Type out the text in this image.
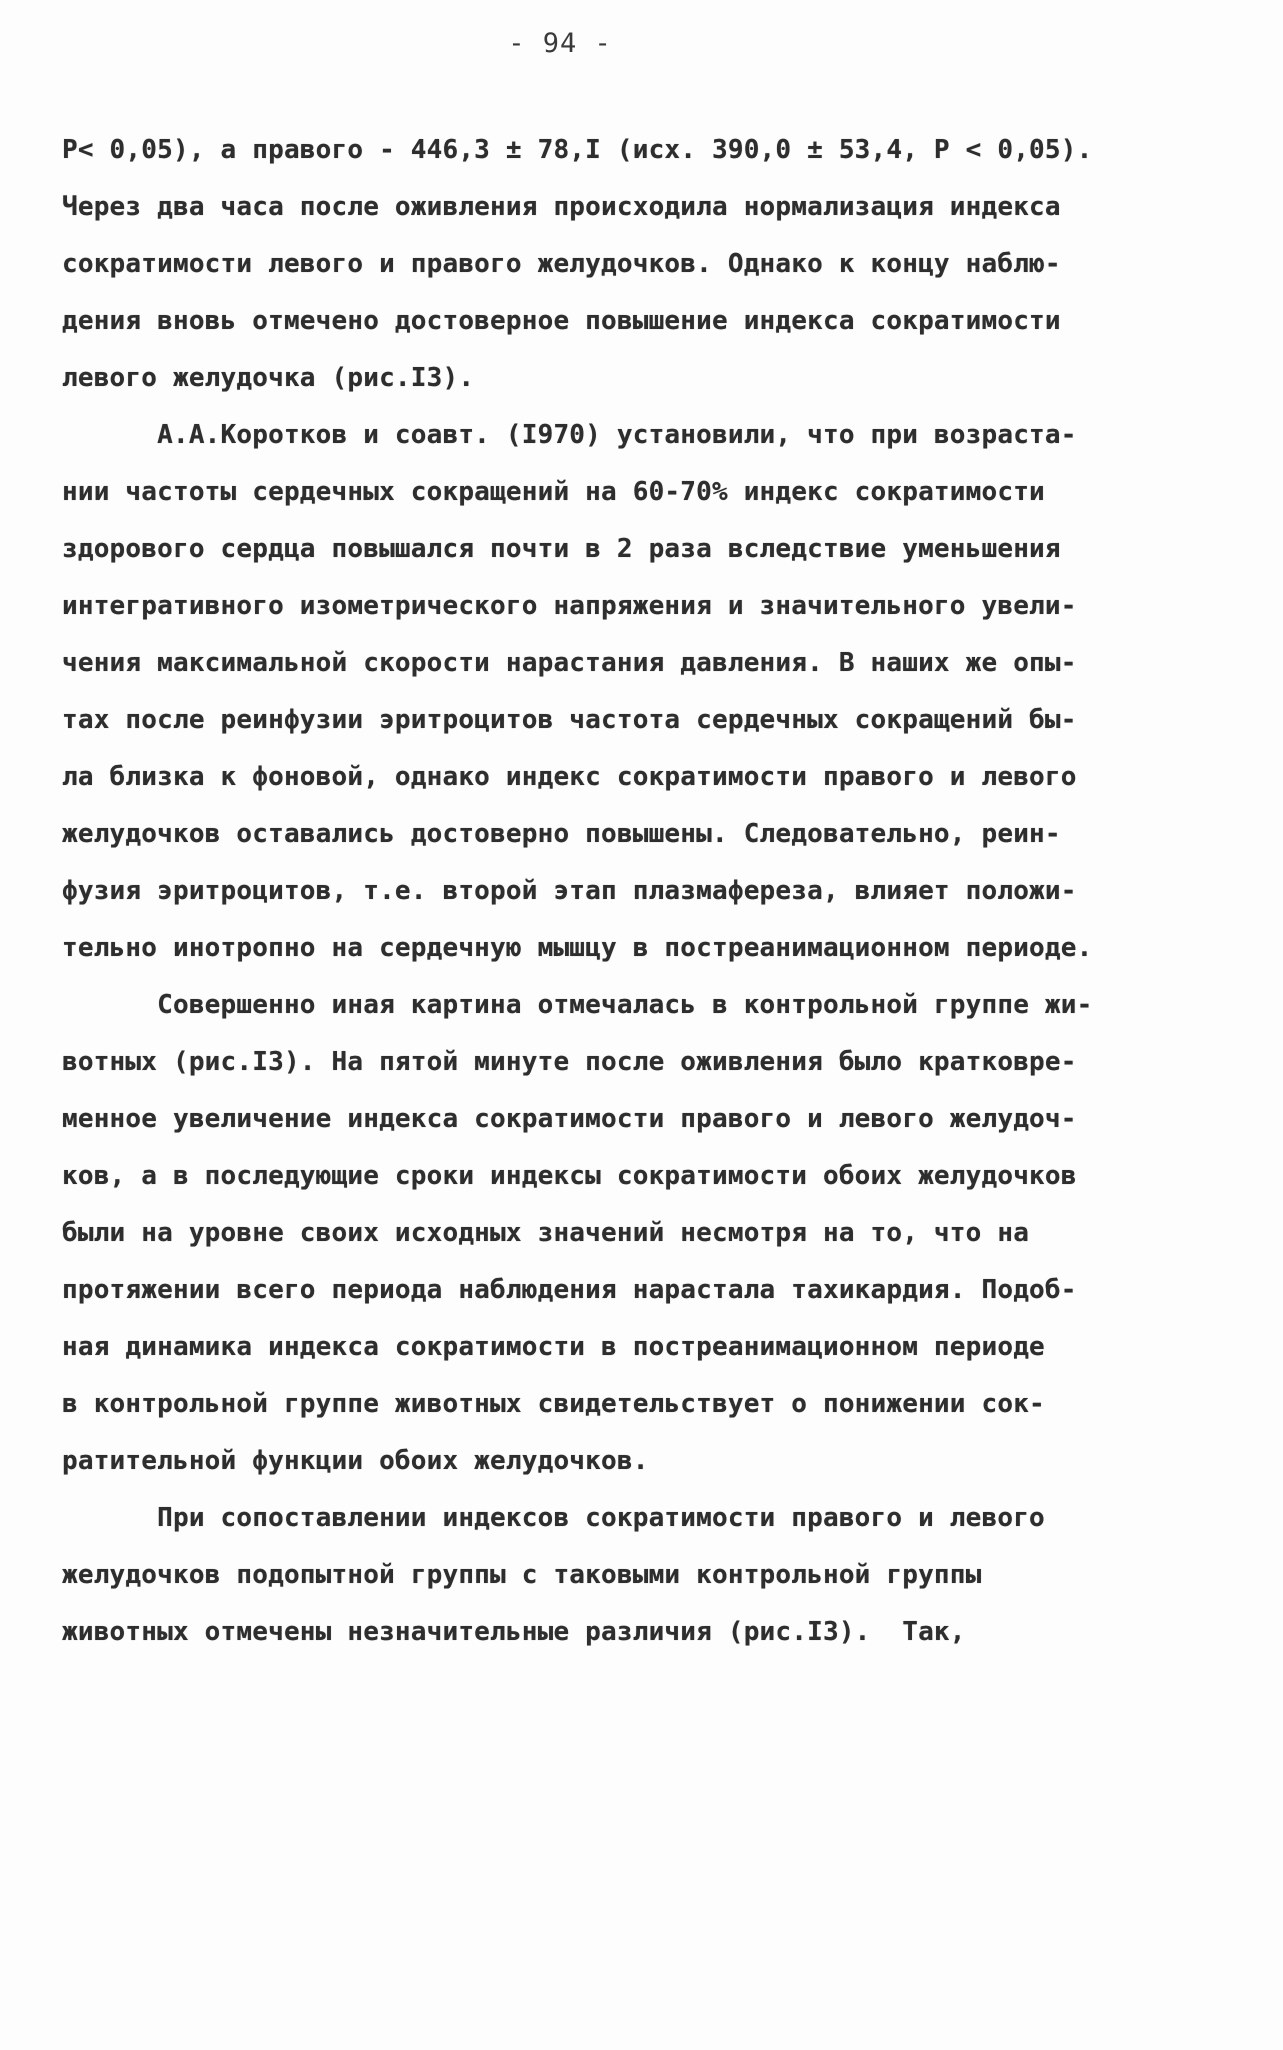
- 94 -
P< 0,05), а правого - 446,3 ± 78,I (исх. 390,0 ± 53,4, P < 0,05).
Через два часа после оживления происходила нормализация индекса
сократимости левого и правого желудочков. Однако к концу наблю-
дения вновь отмечено достоверное повышение индекса сократимости
левого желудочка (рис.I3).
А.А.Коротков и соавт. (I970) установили, что при возраста-
нии частоты сердечных сокращений на 60-70% индекс сократимости
здорового сердца повышался почти в 2 раза вследствие уменьшения
интегративного изометрического напряжения и значительного увели-
чения максимальной скорости нарастания давления. В наших же опы-
тах после реинфузии эритроцитов частота сердечных сокращений бы-
ла близка к фоновой, однако индекс сократимости правого и левого
желудочков оставались достоверно повышены. Следовательно, реин-
фузия эритроцитов, т.е. второй этап плазмафереза, влияет положи-
тельно инотропно на сердечную мышцу в постреанимационном периоде.
Совершенно иная картина отмечалась в контрольной группе жи-
вотных (рис.I3). На пятой минуте после оживления было кратковре-
менное увеличение индекса сократимости правого и левого желудоч-
ков, а в последующие сроки индексы сократимости обоих желудочков
были на уровне своих исходных значений несмотря на то, что на
протяжении всего периода наблюдения нарастала тахикардия. Подоб-
ная динамика индекса сократимости в постреанимационном периоде
в контрольной группе животных свидетельствует о понижении сок-
ратительной функции обоих желудочков.
При сопоставлении индексов сократимости правого и левого
желудочков подопытной группы с таковыми контрольной группы
животных отмечены незначительные различия (рис.I3).  Так,
